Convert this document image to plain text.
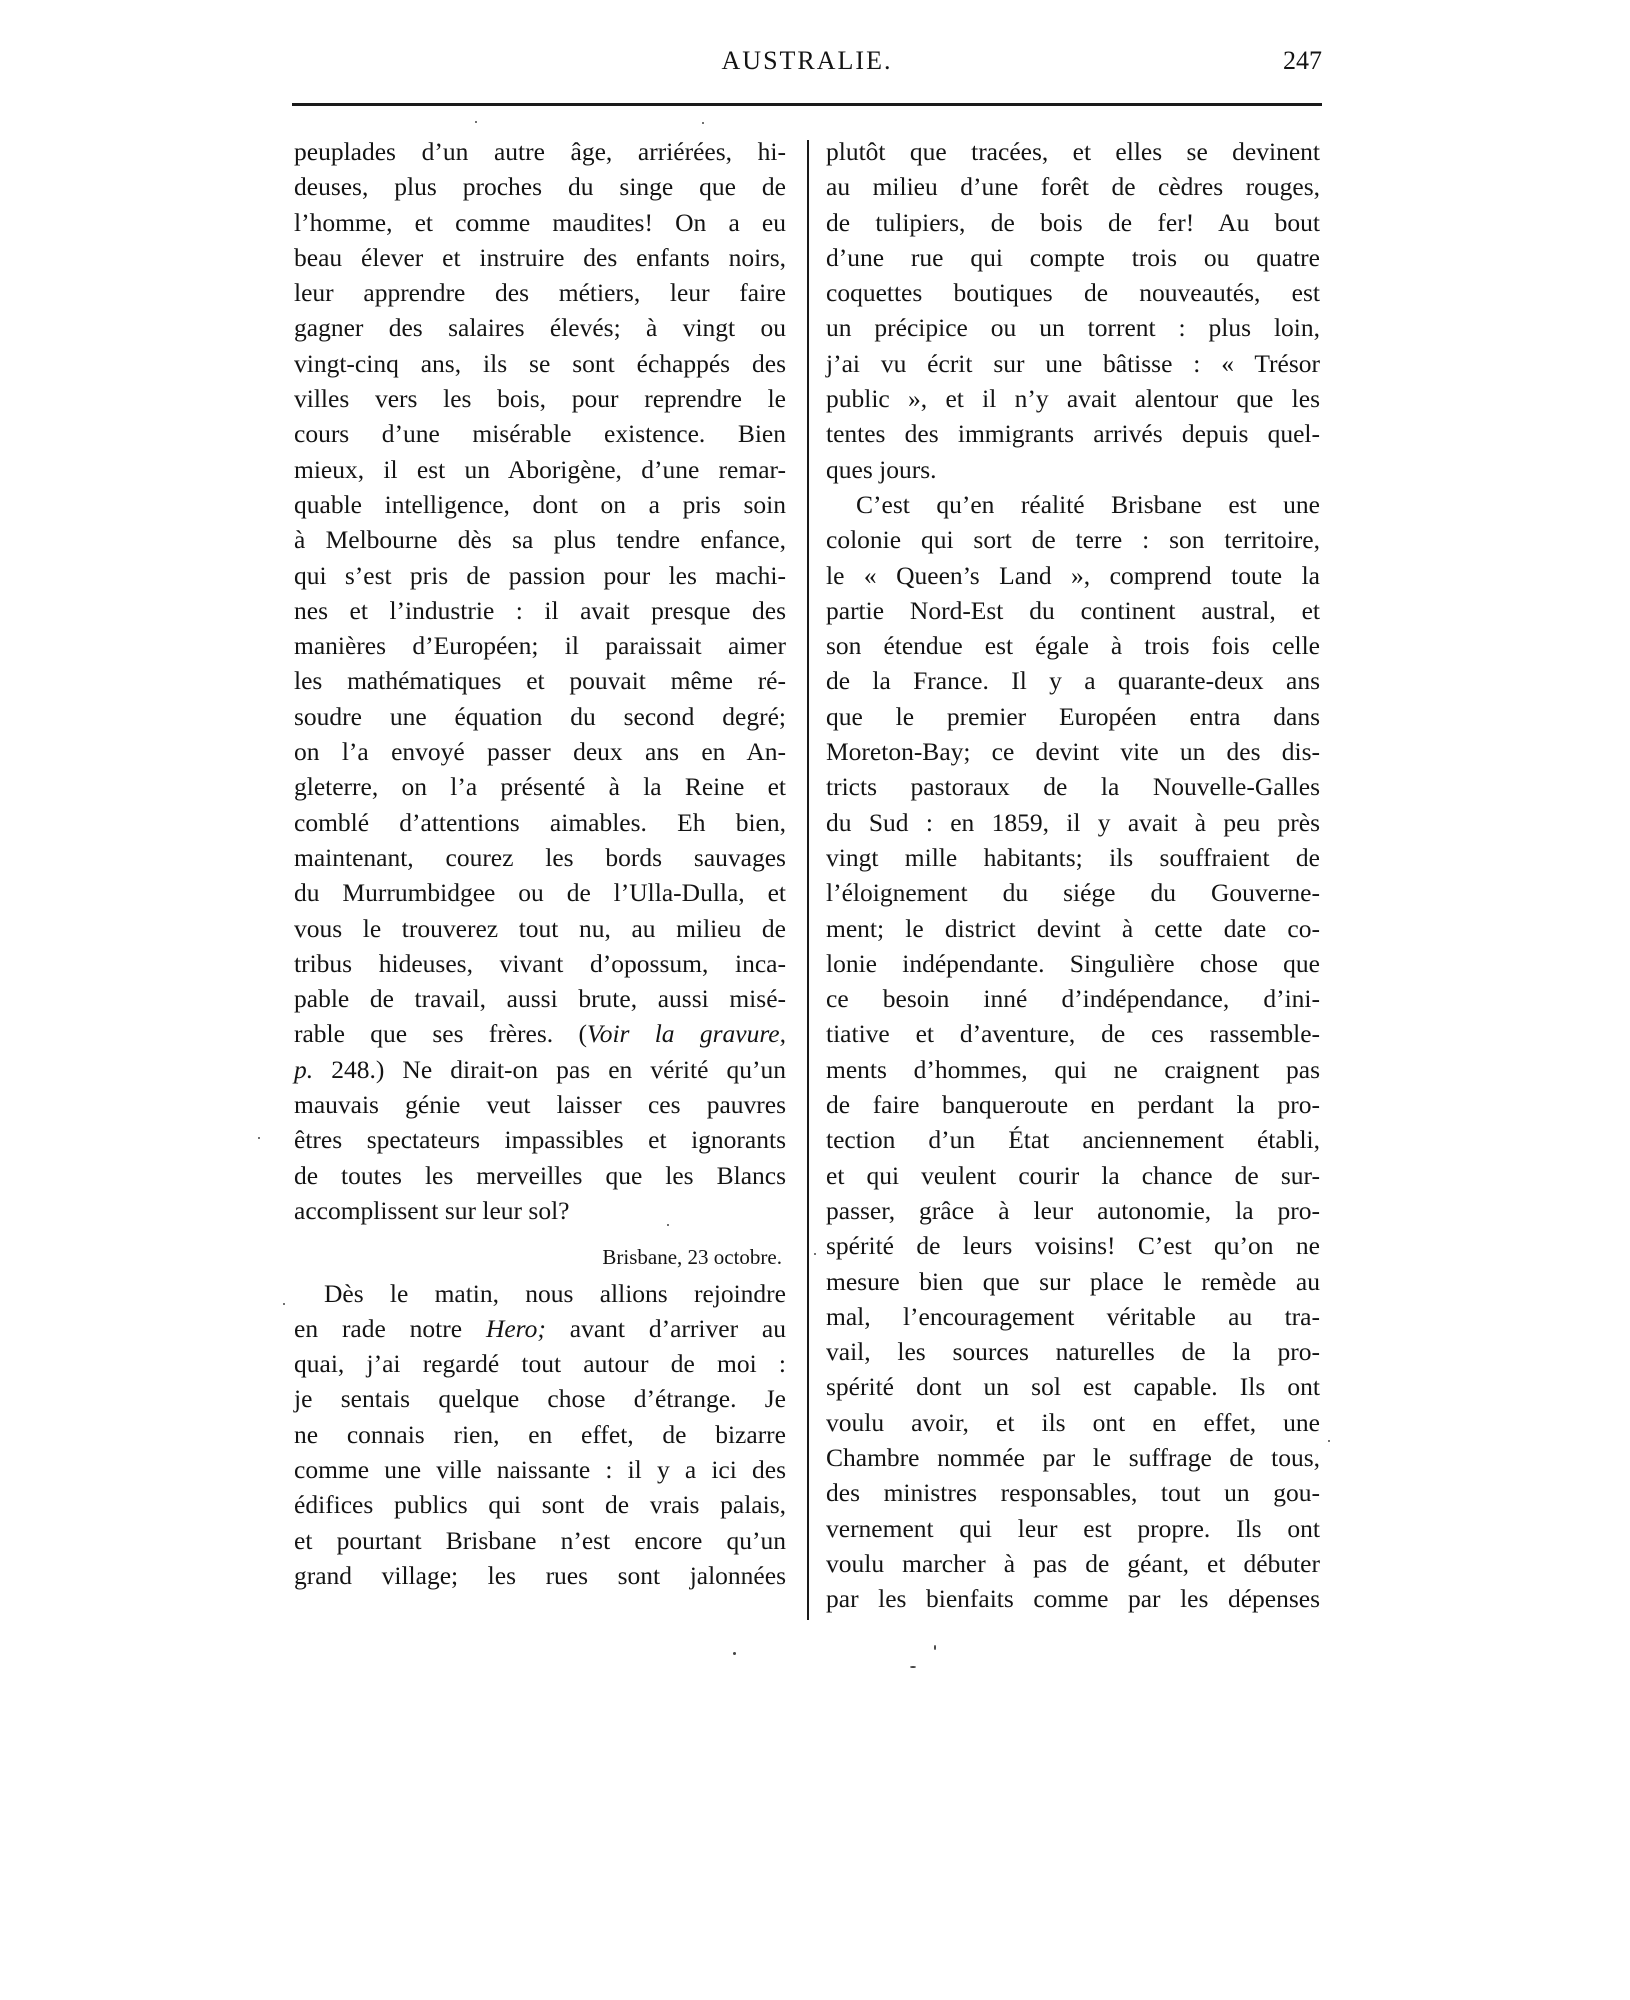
AUSTRALIE.	247
peuplades d’un autre âge, arriérées, hi-
deuses, plus proches du singe que de
l’homme, et comme maudites! On a eu
beau élever et instruire des enfants noirs,
leur apprendre des métiers, leur faire
gagner des salaires élevés; à vingt ou
vingt-cinq ans, ils se sont échappés des
villes vers les bois, pour reprendre le
cours d’une misérable existence. Bien
mieux, il est un Aborigène, d’une remar-
quable intelligence, dont on a pris soin
à Melbourne dès sa plus tendre enfance,
qui s’est pris de passion pour les machi-
nes et l’industrie : il avait presque des
manières d’Européen; il paraissait aimer
les mathématiques et pouvait même ré-
soudre une équation du second degré;
on l’a envoyé passer deux ans en An-
gleterre, on l’a présenté à la Reine et
comblé d’attentions aimables. Eh bien,
maintenant, courez les bords sauvages
du Murrumbidgee ou de l’Ulla-Dulla, et
vous le trouverez tout nu, au milieu de
tribus hideuses, vivant d’opossum, inca-
pable de travail, aussi brute, aussi misé-
rable que ses frères. (Voir la gravure,
p. 248.) Ne dirait-on pas en vérité qu’un
mauvais génie veut laisser ces pauvres
êtres spectateurs impassibles et ignorants
de toutes les merveilles que les Blancs
accomplissent sur leur sol?
Brisbane, 23 octobre.
Dès le matin, nous allions rejoindre
en rade notre Hero; avant d’arriver au
quai, j’ai regardé tout autour de moi :
je sentais quelque chose d’étrange. Je
ne connais rien, en effet, de bizarre
comme une ville naissante : il y a ici des
édifices publics qui sont de vrais palais,
et pourtant Brisbane n’est encore qu’un
grand village; les rues sont jalonnées
plutôt que tracées, et elles se devinent
au milieu d’une forêt de cèdres rouges,
de tulipiers, de bois de fer! Au bout
d’une rue qui compte trois ou quatre
coquettes boutiques de nouveautés, est
un précipice ou un torrent : plus loin,
j’ai vu écrit sur une bâtisse : « Trésor
public », et il n’y avait alentour que les
tentes des immigrants arrivés depuis quel-
ques jours.
C’est qu’en réalité Brisbane est une
colonie qui sort de terre : son territoire,
le « Queen’s Land », comprend toute la
partie Nord-Est du continent austral, et
son étendue est égale à trois fois celle
de la France. Il y a quarante-deux ans
que le premier Européen entra dans
Moreton-Bay; ce devint vite un des dis-
tricts pastoraux de la Nouvelle-Galles
du Sud : en 1859, il y avait à peu près
vingt mille habitants; ils souffraient de
l’éloignement du siége du Gouverne-
ment; le district devint à cette date co-
lonie indépendante. Singulière chose que
ce besoin inné d’indépendance, d’ini-
tiative et d’aventure, de ces rassemble-
ments d’hommes, qui ne craignent pas
de faire banqueroute en perdant la pro-
tection d’un État anciennement établi,
et qui veulent courir la chance de sur-
passer, grâce à leur autonomie, la pro-
spérité de leurs voisins! C’est qu’on ne
mesure bien que sur place le remède au
mal, l’encouragement véritable au tra-
vail, les sources naturelles de la pro-
spérité dont un sol est capable. Ils ont
voulu avoir, et ils ont en effet, une
Chambre nommée par le suffrage de tous,
des ministres responsables, tout un gou-
vernement qui leur est propre. Ils ont
voulu marcher à pas de géant, et débuter
par les bienfaits comme par les dépenses
